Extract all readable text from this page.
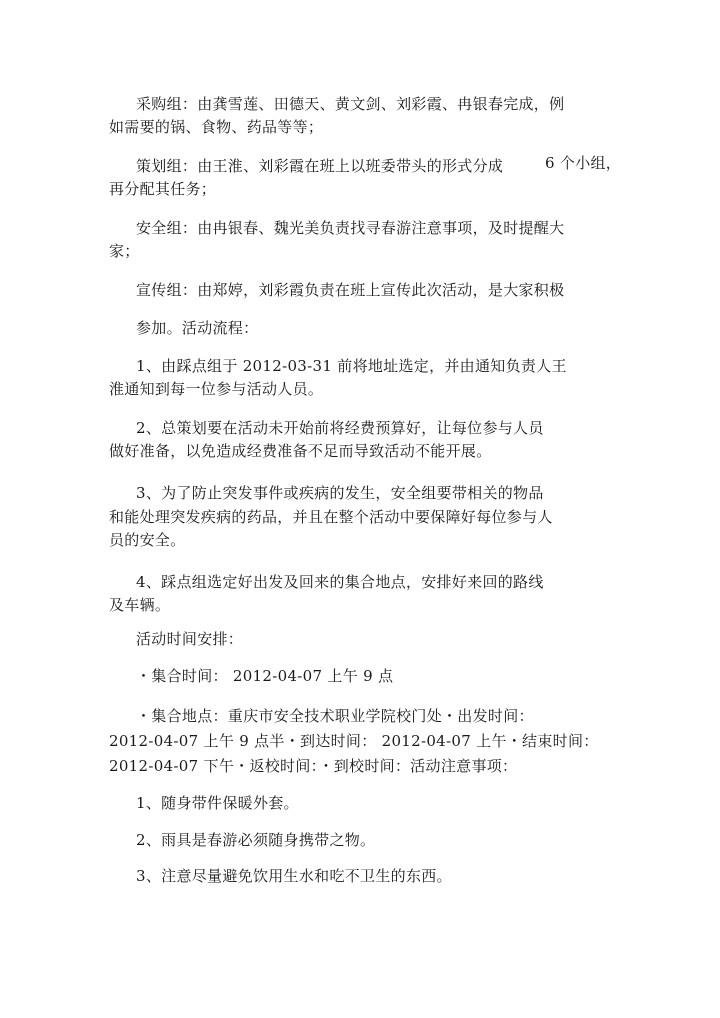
采购组：由龚雪莲、田德天、黄文剑、刘彩霞、冉银春完成，例
如需要的锅、食物、药品等等；
策划组：由王淮、刘彩霞在班上以班委带头的形式分成	6 个小组，
再分配其任务；
安全组：由冉银春、魏光美负责找寻春游注意事项，及时提醒大
家；
宣传组：由郑婷，刘彩霞负责在班上宣传此次活动，是大家积极
参加。活动流程：
1、由踩点组于 2012-03-31 前将地址选定，并由通知负责人王
淮通知到每一位参与活动人员。
2、总策划要在活动未开始前将经费预算好，让每位参与人员
做好准备，以免造成经费准备不足而导致活动不能开展。
3、为了防止突发事件或疾病的发生，安全组要带相关的物品
和能处理突发疾病的药品，并且在整个活动中要保障好每位参与人
员的安全。
4、踩点组选定好出发及回来的集合地点，安排好来回的路线
及车辆。
活动时间安排：
・集合时间： 2012-04-07 上午 9 点
・集合地点：重庆市安全技术职业学院校门处・出发时间：
2012-04-07 上午 9 点半・到达时间： 2012-04-07 上午・结束时间：
2012-04-07 下午・返校时间：・到校时间：活动注意事项：
1、随身带件保暖外套。
2、雨具是春游必须随身携带之物。
3、注意尽量避免饮用生水和吃不卫生的东西。
